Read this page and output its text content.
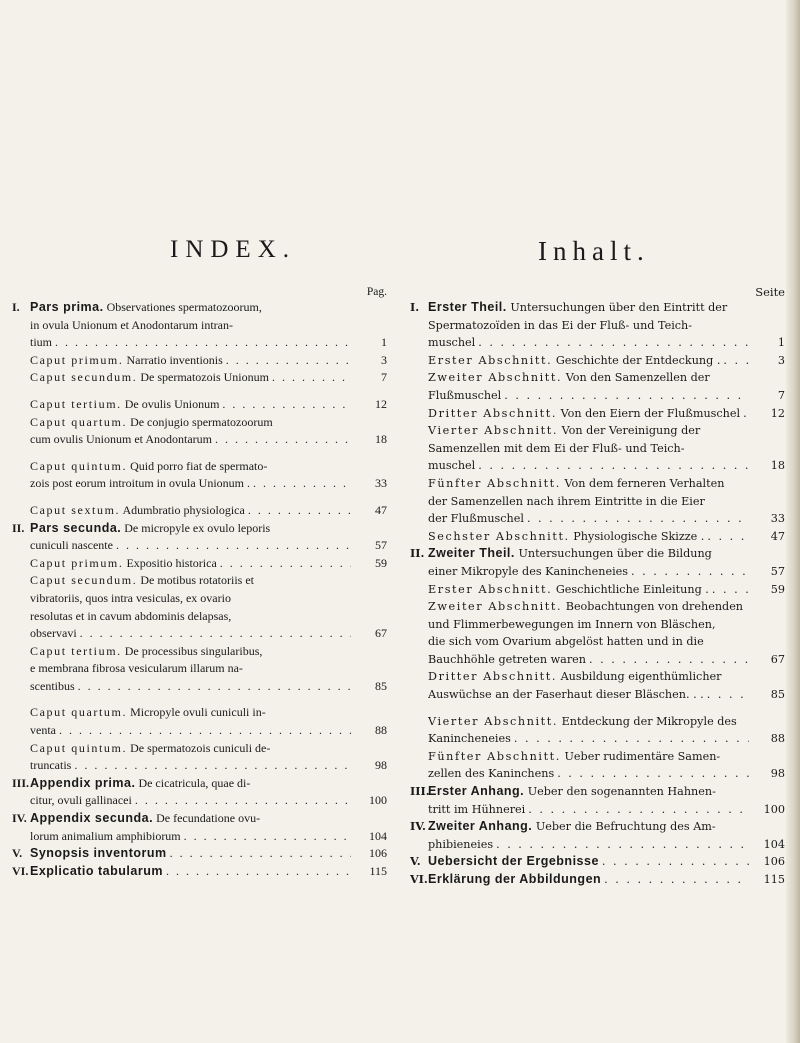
INDEX.	Inhalt.
Pag.
I. Pars prima. Observationes spermatozoorum,
in ovula Unionum et Anodontarum intran-
tium . . .	1
Caput primum. Narratio inventionis . . .	3
Caput secundum. De spermatozois Unionum . . .	7
Caput tertium. De ovulis Unionum . . .	12
Caput quartum. De conjugio spermatozoorum
cum ovulis Unionum et Anodontarum . . .	18
Caput quintum. Quid porro fiat de spermato-
zois post eorum introitum in ovula Unionum . . . .	33
Caput sextum. Adumbratio physiologica . . .	47
II. Pars secunda. De micropyle ex ovulo leporis
cuniculi nascente . . .	57
Caput primum. Expositio historica . . .	59
Caput secundum. De motibus rotatoriis et
vibratoriis, quos intra vesiculas, ex ovario
resolutas et in cavum abdominis delapsas,
observavi . . .	67
Caput tertium. De processibus singularibus,
e membrana fibrosa vesicularum illarum na-
scentibus . . .	85
Caput quartum. Micropyle ovuli cuniculi in-
venta . . .	88
Caput quintum. De spermatozois cuniculi de-
truncatis . . .	98
III. Appendix prima. De cicatricula, quae di-
citur, ovuli gallinacei . . .	100
IV. Appendix secunda. De fecundatione ovu-
lorum animalium amphibiorum . . .	104
V. Synopsis inventorum . . .	106
VI. Explicatio tabularum . . .	115
Seite
I. Erster Theil. Untersuchungen über den Eintritt der
Spermatozoïden in das Ei der Fluß- und Teich-
muschel . . .	1
Erster Abschnitt. Geschichte der Entdeckung . . . .	3
Zweiter Abschnitt. Von den Samenzellen der
Flußmuschel . . .	7
Dritter Abschnitt. Von den Eiern der Flußmuschel . . .	12
Vierter Abschnitt. Von der Vereinigung der
Samenzellen mit dem Ei der Fluß- und Teich-
muschel . . .	18
Fünfter Abschnitt. Von dem ferneren Verhalten
der Samenzellen nach ihrem Eintritte in die Eier
der Flußmuschel . . .	33
Sechster Abschnitt. Physiologische Skizze . . . .	47
II. Zweiter Theil. Untersuchungen über die Bildung
einer Mikropyle des Kanincheneies . . .	57
Erster Abschnitt. Geschichtliche Einleitung . . . .	59
Zweiter Abschnitt. Beobachtungen von drehenden
und Flimmerbewegungen im Innern von Bläschen,
die sich vom Ovarium abgelöst hatten und in die
Bauchhöhle getreten waren . . .	67
Dritter Abschnitt. Ausbildung eigenthümlicher
Auswüchse an der Faserhaut dieser Bläschen. . . . . .	85
Vierter Abschnitt. Entdeckung der Mikropyle des
Kanincheneies . . .	88
Fünfter Abschnitt. Ueber rudimentäre Samen-
zellen des Kaninchens . . .	98
III.
Erster Anhang. Ueber den sogenannten Hahnen-
tritt im Hühnerei . . .	100
IV. Zweiter Anhang. Ueber die Befruchtung des Am-
phibieneies . . .	104
V. Uebersicht der Ergebnisse . . .	106
VI. Erklärung der Abbildungen . . .	115
